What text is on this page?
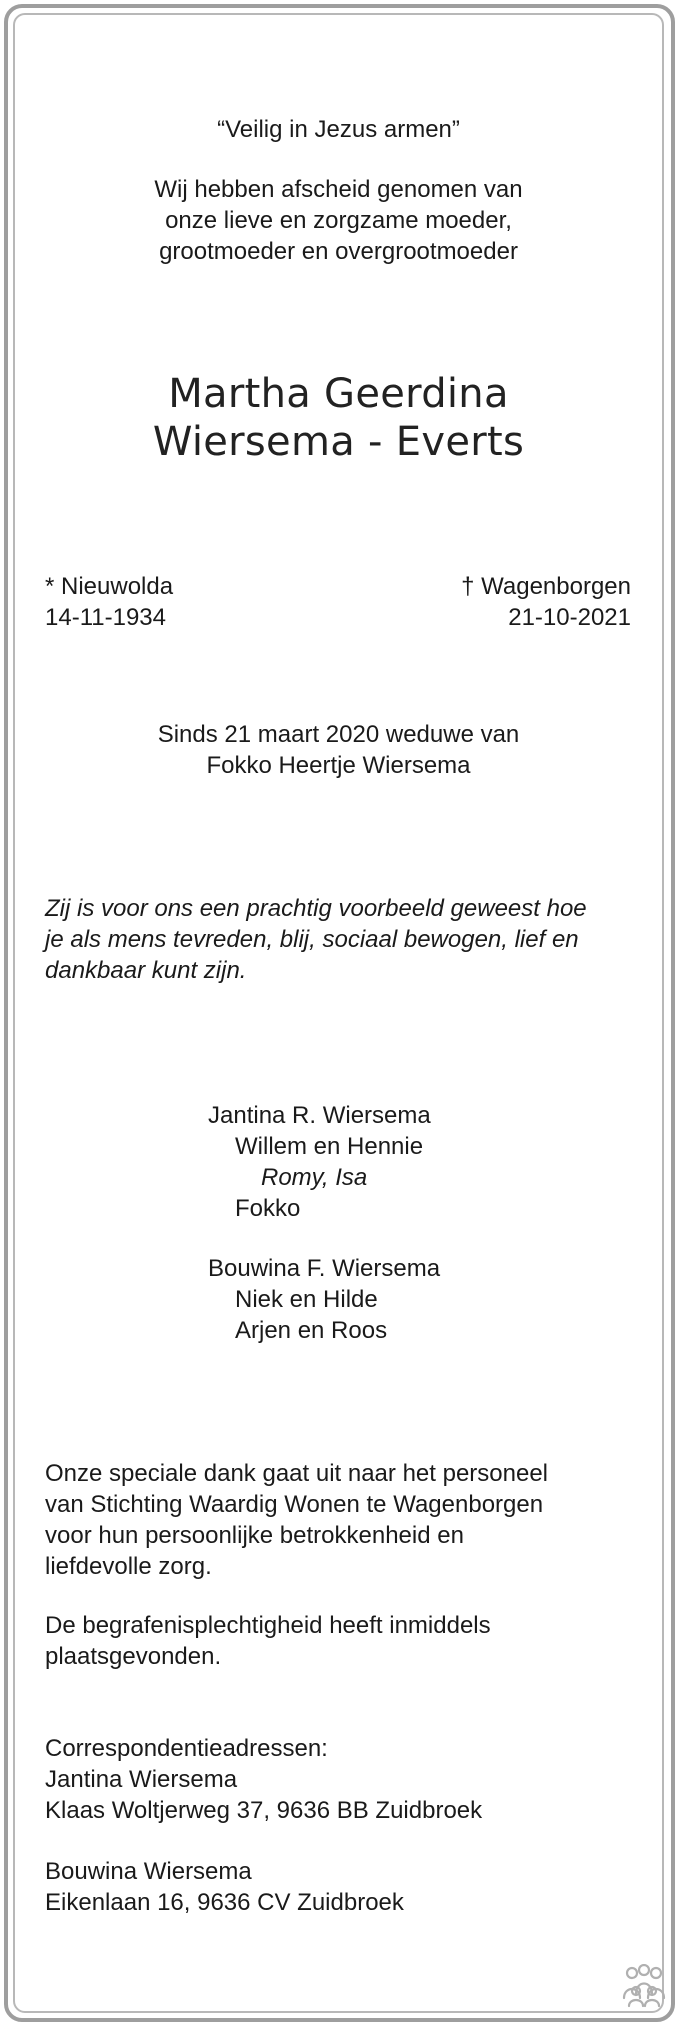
“Veilig in Jezus armen”
Wij hebben afscheid genomen van
onze lieve en zorgzame moeder,
grootmoeder en overgrootmoeder
Martha Geerdina
Wiersema - Everts
* Nieuwolda
14-11-1934
† Wagenborgen
21-10-2021
Sinds 21 maart 2020 weduwe van
Fokko Heertje Wiersema
Zij is voor ons een prachtig voorbeeld geweest hoe
je als mens tevreden, blij, sociaal bewogen, lief en
dankbaar kunt zijn.
Jantina R. Wiersema
Willem en Hennie
Romy, Isa
Fokko
Bouwina F. Wiersema
Niek en Hilde
Arjen en Roos
Onze speciale dank gaat uit naar het personeel
van Stichting Waardig Wonen te Wagenborgen
voor hun persoonlijke betrokkenheid en
liefdevolle zorg.
De begrafenisplechtigheid heeft inmiddels
plaatsgevonden.
Correspondentieadressen:
Jantina Wiersema
Klaas Woltjerweg 37, 9636 BB Zuidbroek
Bouwina Wiersema
Eikenlaan 16, 9636 CV Zuidbroek
